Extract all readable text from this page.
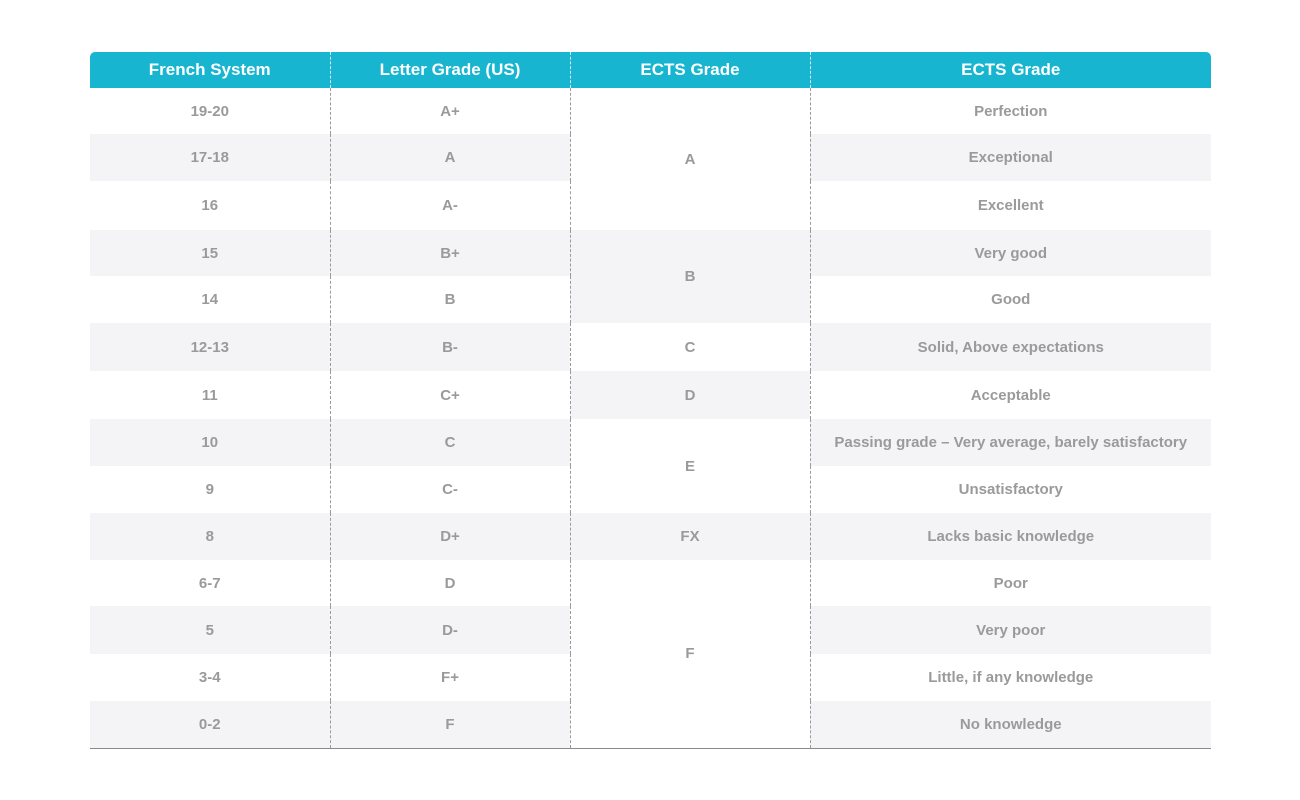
French System	Letter Grade (US)	ECTS Grade	ECTS Grade
19-20	A+	A	Perfection
17-18	A		Exceptional
16	A-		Excellent
15	B+	B	Very good
14	B		Good
12-13	B-	C	Solid, Above expectations
11	C+	D	Acceptable
10	C	E	Passing grade – Very average, barely satisfactory
9	C-		Unsatisfactory
8	D+	FX	Lacks basic knowledge
6-7	D	F	Poor
5	D-		Very poor
3-4	F+		Little, if any knowledge
0-2	F		No knowledge
